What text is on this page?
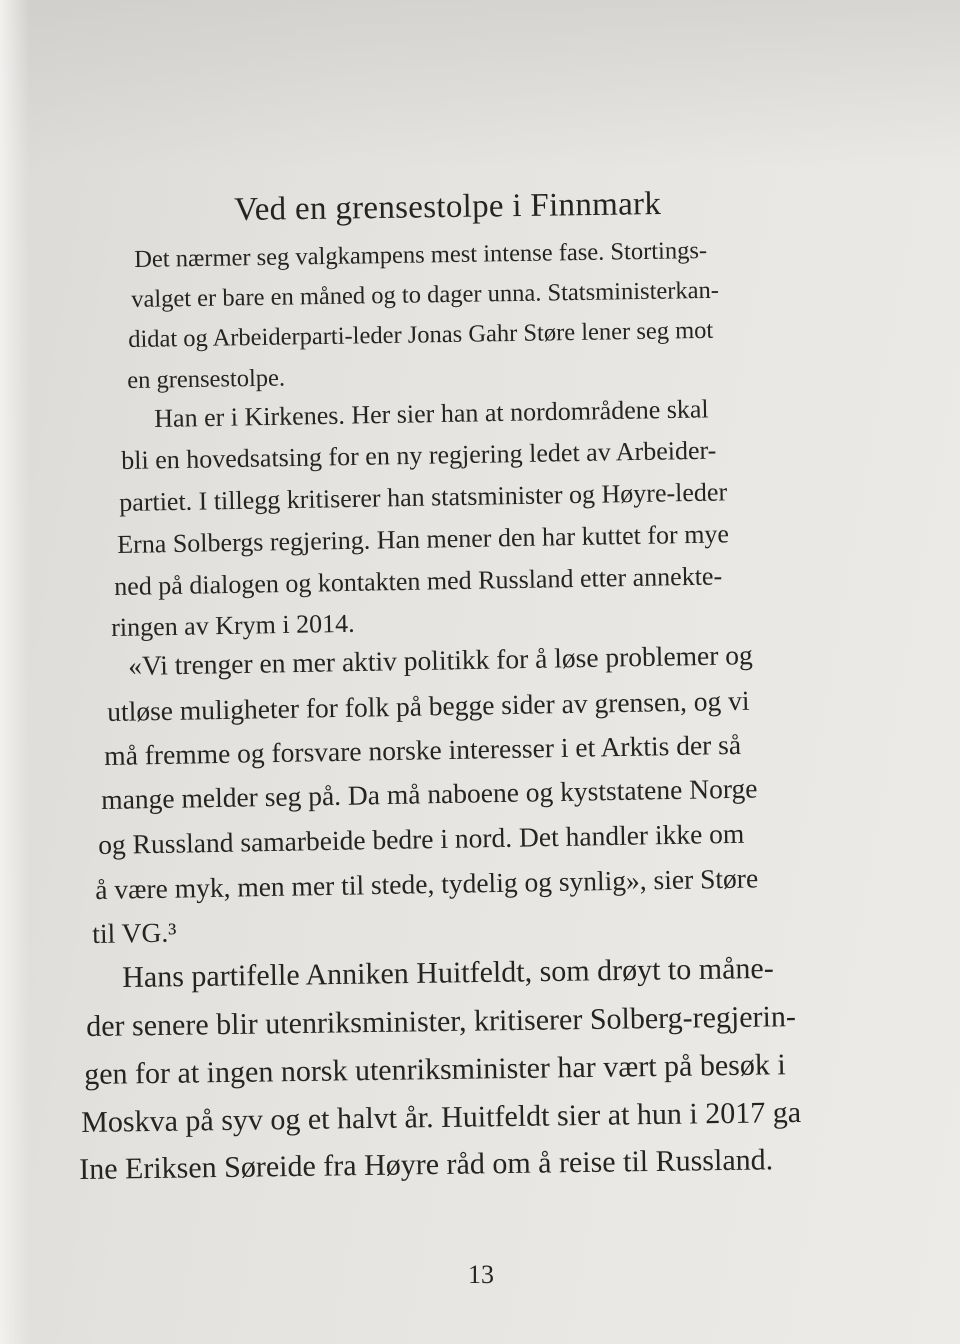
Ved en grensestolpe i Finnmark
Det nærmer seg valgkampens mest intense fase. Stortings-
valget er bare en måned og to dager unna. Statsministerkan-
didat og Arbeiderparti-leder Jonas Gahr Støre lener seg mot
en grensestolpe.
Han er i Kirkenes. Her sier han at nordområdene skal
bli en hovedsatsing for en ny regjering ledet av Arbeider-
partiet. I tillegg kritiserer han statsminister og Høyre-leder
Erna Solbergs regjering. Han mener den har kuttet for mye
ned på dialogen og kontakten med Russland etter annekte-
ringen av Krym i 2014.
«Vi trenger en mer aktiv politikk for å løse problemer og
utløse muligheter for folk på begge sider av grensen, og vi
må fremme og forsvare norske interesser i et Arktis der så
mange melder seg på. Da må naboene og kyststatene Norge
og Russland samarbeide bedre i nord. Det handler ikke om
å være myk, men mer til stede, tydelig og synlig», sier Støre
til VG.³
Hans partifelle Anniken Huitfeldt, som drøyt to måne-
der senere blir utenriksminister, kritiserer Solberg-regjerin-
gen for at ingen norsk utenriksminister har vært på besøk i
Moskva på syv og et halvt år. Huitfeldt sier at hun i 2017 ga
Ine Eriksen Søreide fra Høyre råd om å reise til Russland.
13
